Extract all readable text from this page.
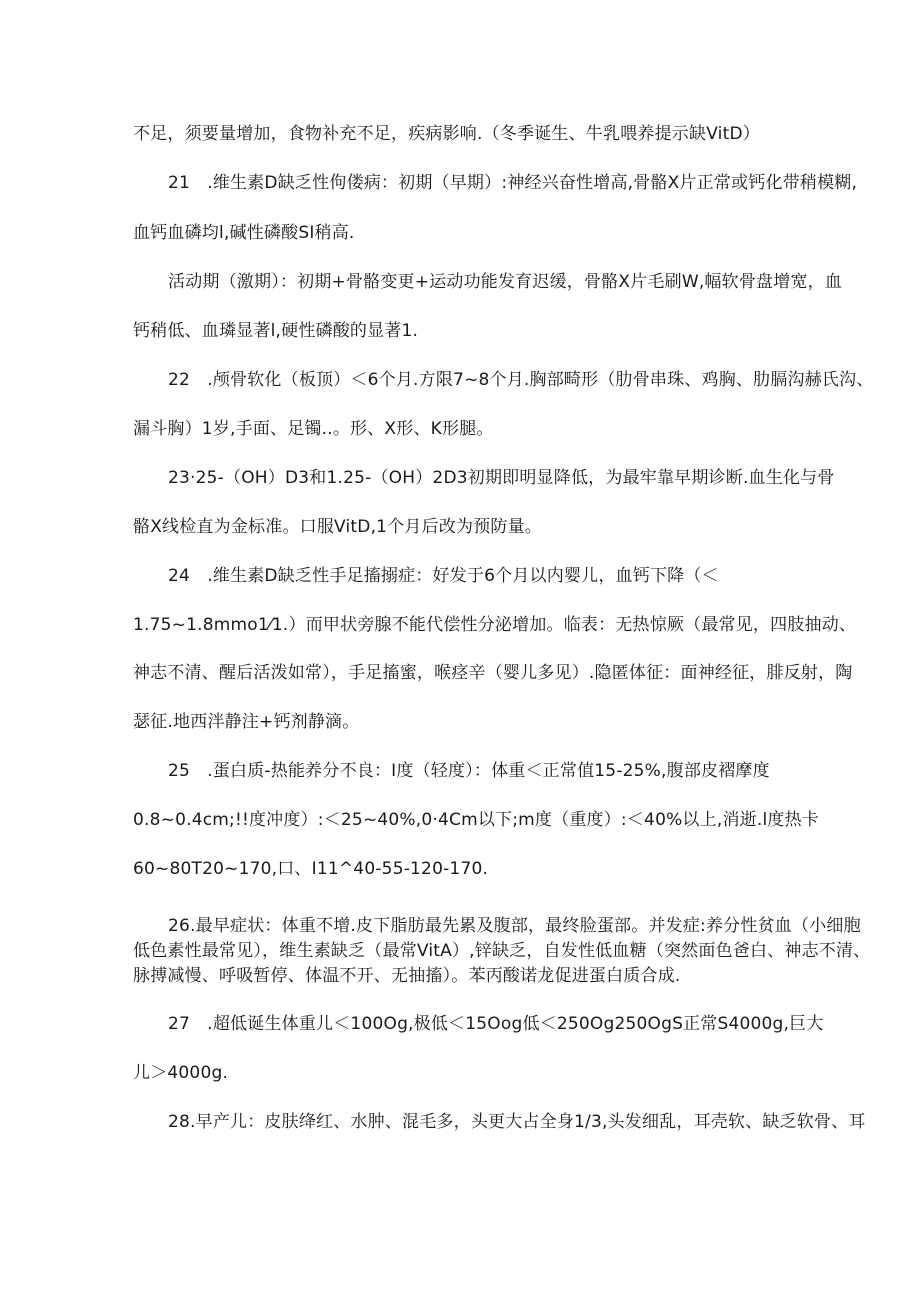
不足，须要量增加，食物补充不足，疾病影响.（冬季诞生、牛乳喂养提示缺VitD）
21　.维生素D缺乏性佝偻病：初期（早期）:神经兴奋性增高,骨骼X片正常或钙化带稍模糊,
血钙血磷均l,碱性磷酸SI稍高.
活动期（激期）：初期+骨骼变更+运动功能发育迟缓，骨骼X片毛刷W,幅软骨盘增宽，血
钙稍低、血璘显著l,硬性磷酸的显著1.
22　.颅骨软化（板顶）＜6个月.方限7~8个月.胸部畸形（肋骨串珠、鸡胸、肋膈沟赫氏沟、
漏斗胸）1岁,手面、足镯..。形、X形、K形腿。
23·25-（OH）D3和1.25-（OH）2D3初期即明显降低，为最牢靠早期诊断.血生化与骨
骼X线检直为金标准。口服VitD,1个月后改为预防量。
24　.维生素D缺乏性手足搐搦症：好发于6个月以内婴儿，血钙下降（＜
1.75~1.8mmo1⁄1.）而甲状旁腺不能代偿性分泌增加。临表：无热惊厥（最常见，四肢抽动、
神志不清、醒后活泼如常），手足搐蜜，喉痉辛（婴儿多见）.隐匿体征：面神经征，腓反射，陶
瑟征.地西泮静注+钙剂静滴。
25　.蛋白质-热能养分不良：I度（轻度）：体重＜正常值15-25%,腹部皮褶摩度
0.8~0.4cm;!!度冲度）:＜25~40%,0·4Cm以下;m度（重度）:＜40%以上,消逝.l度热卡
60~80T20~170,口、I11^40-55-120-170.
26.最早症状：体重不增.皮下脂肪最先累及腹部，最终脸蛋部。并发症:养分性贫血（小细胞
低色素性最常见），维生素缺乏（最常VitA）,锌缺乏，自发性低血糖（突然面色爸白、神志不清、
脉搏减慢、呼吸暂停、体温不开、无抽搐）。苯丙酸诺龙促进蛋白质合成.
27　.超低诞生体重儿＜100Og,极低＜15Oog低＜250Og250OgS正常S4000g,巨大
儿＞4000g.
28.早产儿：皮肤绛红、水肿、混毛多，头更大占全身1/3,头发细乱，耳壳软、缺乏软骨、耳
